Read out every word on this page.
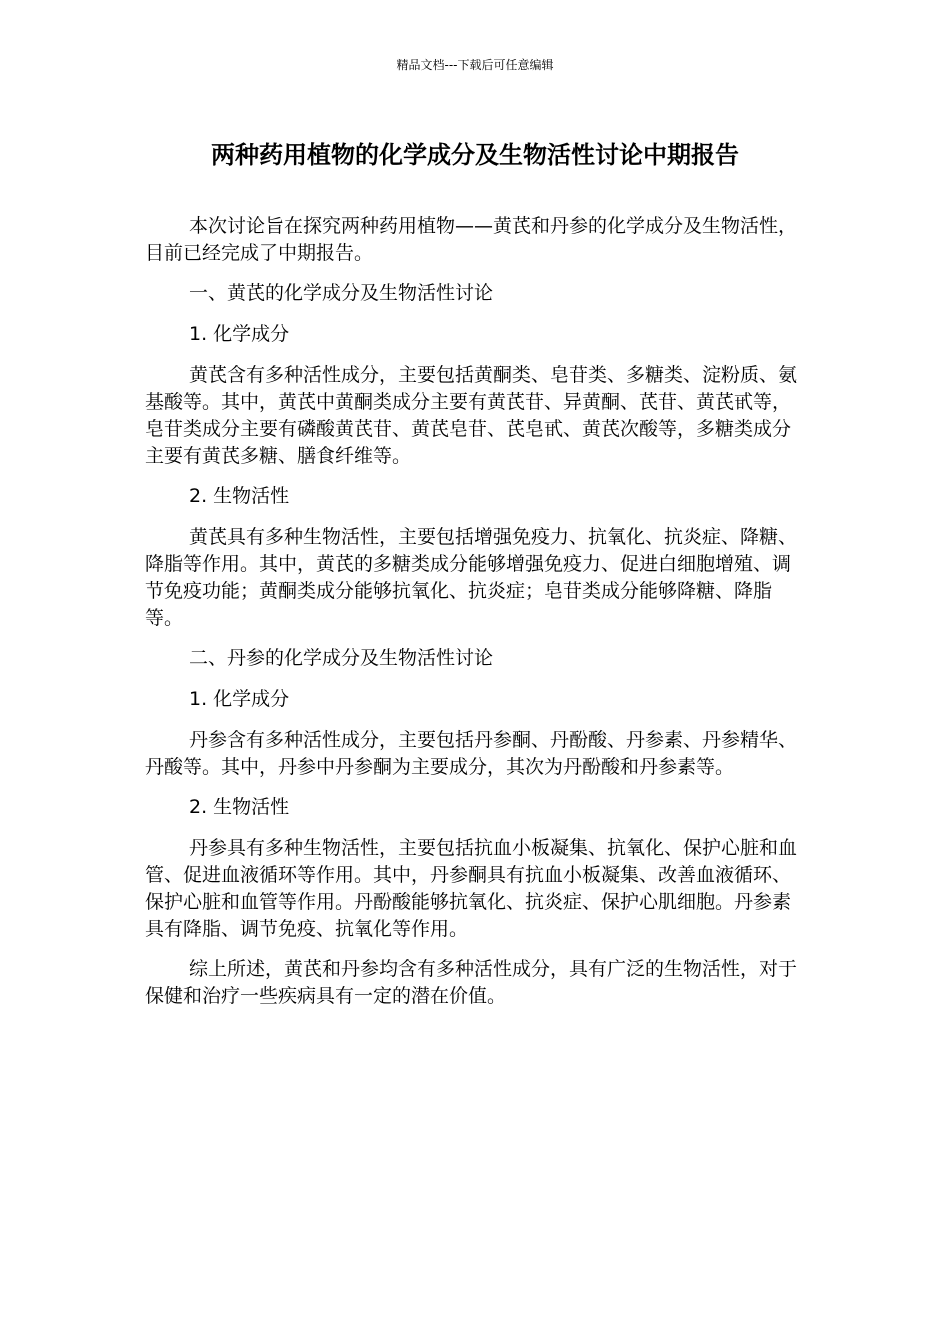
精品文档---下载后可任意编辑
两种药用植物的化学成分及生物活性讨论中期报告

本次讨论旨在探究两种药用植物——黄芪和丹参的化学成分及生物活性，目前已经完成了中期报告。

一、黄芪的化学成分及生物活性讨论

1. 化学成分

黄芪含有多种活性成分，主要包括黄酮类、皂苷类、多糖类、淀粉质、氨基酸等。其中，黄芪中黄酮类成分主要有黄芪苷、异黄酮、芪苷、黄芪甙等，皂苷类成分主要有磷酸黄芪苷、黄芪皂苷、芪皂甙、黄芪次酸等，多糖类成分主要有黄芪多糖、膳食纤维等。

2. 生物活性

黄芪具有多种生物活性，主要包括增强免疫力、抗氧化、抗炎症、降糖、降脂等作用。其中，黄芪的多糖类成分能够增强免疫力、促进白细胞增殖、调节免疫功能；黄酮类成分能够抗氧化、抗炎症；皂苷类成分能够降糖、降脂等。

二、丹参的化学成分及生物活性讨论

1. 化学成分

丹参含有多种活性成分，主要包括丹参酮、丹酚酸、丹参素、丹参精华、丹酸等。其中，丹参中丹参酮为主要成分，其次为丹酚酸和丹参素等。

2. 生物活性

丹参具有多种生物活性，主要包括抗血小板凝集、抗氧化、保护心脏和血管、促进血液循环等作用。其中，丹参酮具有抗血小板凝集、改善血液循环、保护心脏和血管等作用。丹酚酸能够抗氧化、抗炎症、保护心肌细胞。丹参素具有降脂、调节免疫、抗氧化等作用。

综上所述，黄芪和丹参均含有多种活性成分，具有广泛的生物活性，对于保健和治疗一些疾病具有一定的潜在价值。
